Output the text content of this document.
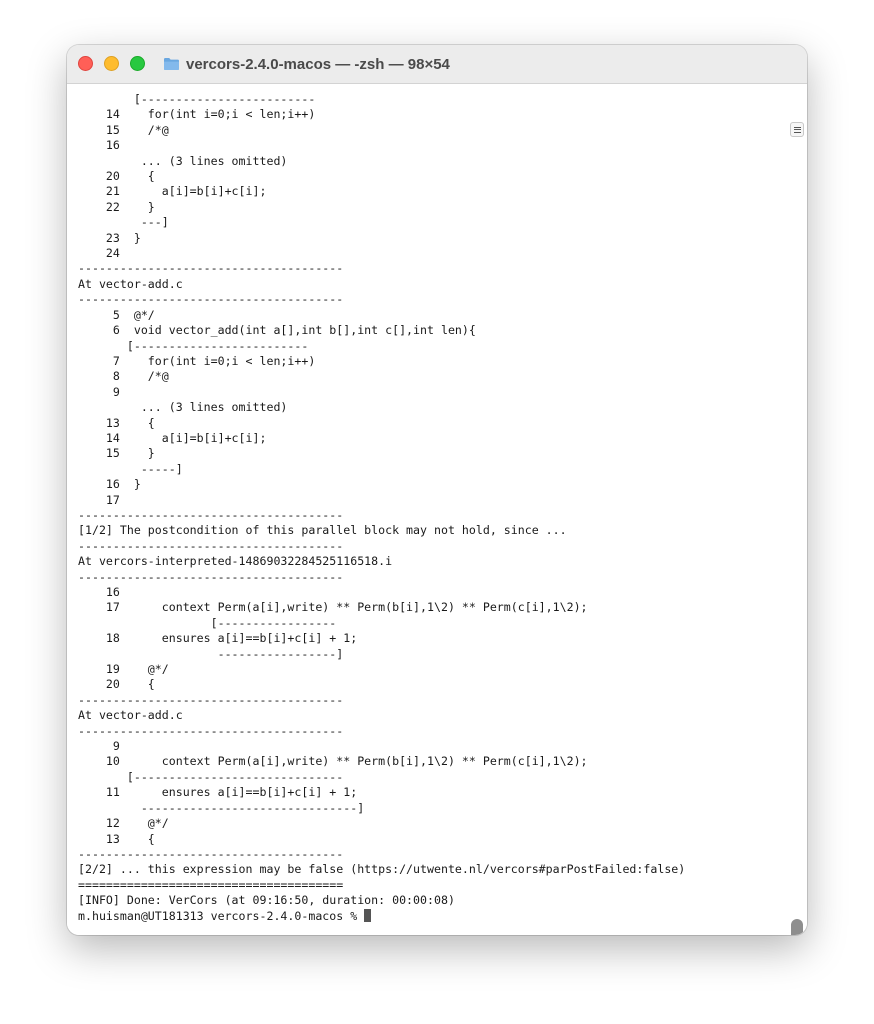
vercors-2.4.0-macos — -zsh — 98×54
[-------------------------
14    for(int i=0;i < len;i++)
15    /*@
16
... (3 lines omitted)
20    {
21      a[i]=b[i]+c[i];
22    }
---]
23  }
24
--------------------------------------
At vector-add.c
--------------------------------------
5  @*/
6  void vector_add(int a[],int b[],int c[],int len){
[-------------------------
7    for(int i=0;i < len;i++)
8    /*@
9
... (3 lines omitted)
13    {
14      a[i]=b[i]+c[i];
15    }
-----]
16  }
17
--------------------------------------
[1/2] The postcondition of this parallel block may not hold, since ...
--------------------------------------
At vercors-interpreted-14869032284525116518.i
--------------------------------------
16
17      context Perm(a[i],write) ** Perm(b[i],1\2) ** Perm(c[i],1\2);
[-----------------
18      ensures a[i]==b[i]+c[i] + 1;
-----------------]
19    @*/
20    {
--------------------------------------
At vector-add.c
--------------------------------------
9
10      context Perm(a[i],write) ** Perm(b[i],1\2) ** Perm(c[i],1\2);
[------------------------------
11      ensures a[i]==b[i]+c[i] + 1;
-------------------------------]
12    @*/
13    {
--------------------------------------
[2/2] ... this expression may be false (https://utwente.nl/vercors#parPostFailed:false)
======================================
[INFO] Done: VerCors (at 09:16:50, duration: 00:00:08)
m.huisman@UT181313 vercors-2.4.0-macos %
